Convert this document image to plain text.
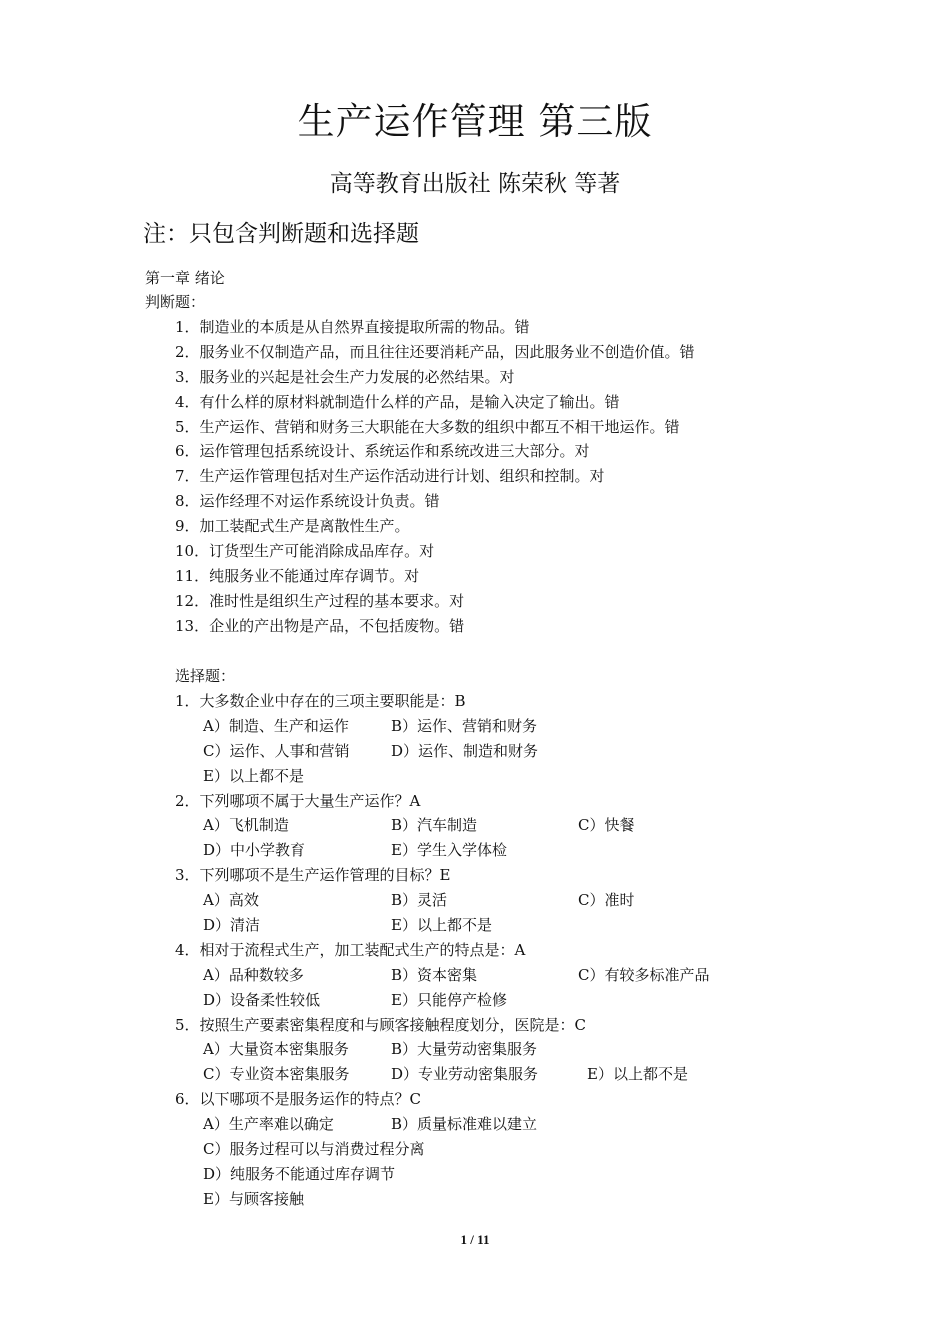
生产运作管理 第三版
高等教育出版社 陈荣秋 等著
注：只包含判断题和选择题
第一章 绪论
判断题：
1．制造业的本质是从自然界直接提取所需的物品。错
2．服务业不仅制造产品，而且往往还要消耗产品，因此服务业不创造价值。错
3．服务业的兴起是社会生产力发展的必然结果。对
4．有什么样的原材料就制造什么样的产品，是输入决定了输出。错
5．生产运作、营销和财务三大职能在大多数的组织中都互不相干地运作。错
6．运作管理包括系统设计、系统运作和系统改进三大部分。对
7．生产运作管理包括对生产运作活动进行计划、组织和控制。对
8．运作经理不对运作系统设计负责。错
9．加工装配式生产是离散性生产。
10．订货型生产可能消除成品库存。对
11．纯服务业不能通过库存调节。对
12．准时性是组织生产过程的基本要求。对
13．企业的产出物是产品，不包括废物。错
选择题：
1．大多数企业中存在的三项主要职能是：B
A）制造、生产和运作	B）运作、营销和财务
C）运作、人事和营销	D）运作、制造和财务
E）以上都不是
2．下列哪项不属于大量生产运作？A
A）飞机制造	B）汽车制造	C）快餐
D）中小学教育	E）学生入学体检
3．下列哪项不是生产运作管理的目标？E
A）高效	B）灵活	C）准时
D）清洁	E）以上都不是
4．相对于流程式生产，加工装配式生产的特点是：A
A）品种数较多	B）资本密集	C）有较多标准产品
D）设备柔性较低	E）只能停产检修
5．按照生产要素密集程度和与顾客接触程度划分，医院是：C
A）大量资本密集服务	B）大量劳动密集服务
C）专业资本密集服务	D）专业劳动密集服务	E）以上都不是
6．以下哪项不是服务运作的特点？C
A）生产率难以确定	B）质量标准难以建立
C）服务过程可以与消费过程分离
D）纯服务不能通过库存调节
E）与顾客接触
1 / 11
